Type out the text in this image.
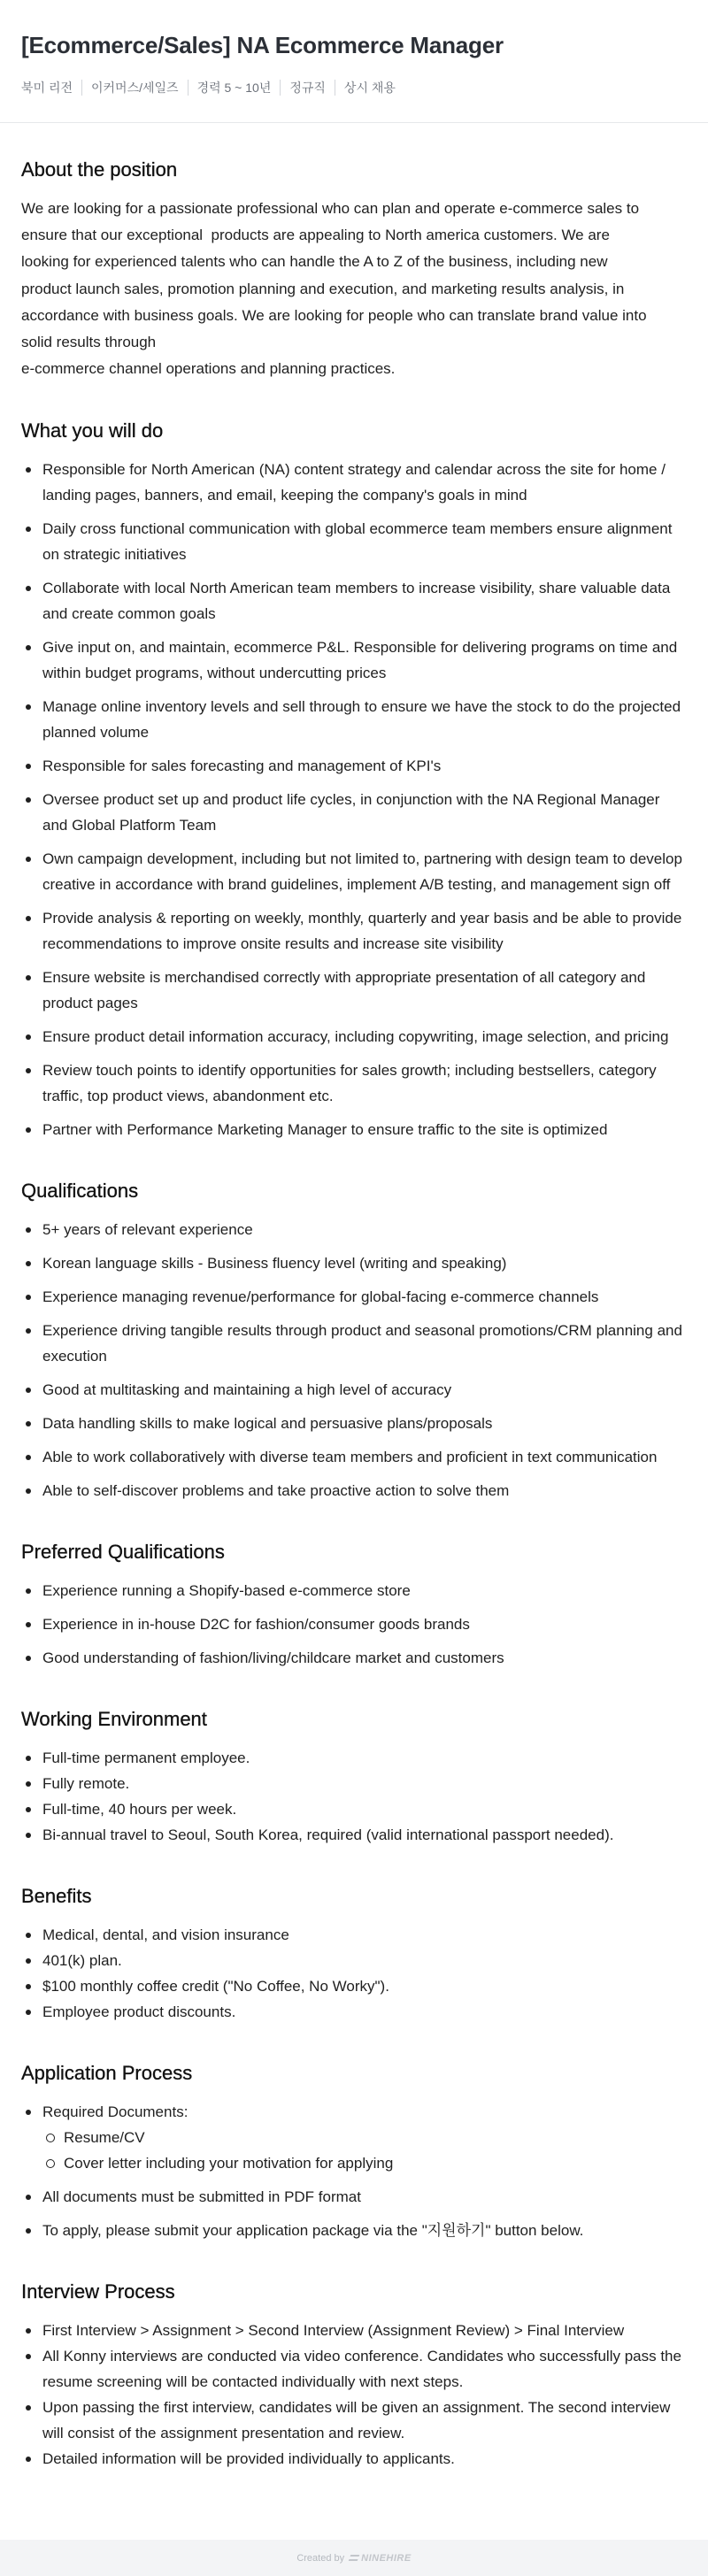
[Ecommerce/Sales] NA Ecommerce Manager
북미 리전	이커머스/세일즈	경력 5 ~ 10년	정규직	상시 채용
About the position
We are looking for a passionate professional who can plan and operate e-commerce sales to
ensure that our exceptional  products are appealing to North america customers. We are
looking for experienced talents who can handle the A to Z of the business, including new
product launch sales, promotion planning and execution, and marketing results analysis, in
accordance with business goals. We are looking for people who can translate brand value into
solid results through
e-commerce channel operations and planning practices.
What you will do
Responsible for North American (NA) content strategy and calendar across the site for home / landing pages, banners, and email, keeping the company's goals in mind
Daily cross functional communication with global ecommerce team members ensure alignment on strategic initiatives
Collaborate with local North American team members to increase visibility, share valuable data and create common goals
Give input on, and maintain, ecommerce P&L. Responsible for delivering programs on time and within budget programs, without undercutting prices
Manage online inventory levels and sell through to ensure we have the stock to do the projected planned volume
Responsible for sales forecasting and management of KPI's
Oversee product set up and product life cycles, in conjunction with the NA Regional Manager and Global Platform Team
Own campaign development, including but not limited to, partnering with design team to develop creative in accordance with brand guidelines, implement A/B testing, and management sign off
Provide analysis & reporting on weekly, monthly, quarterly and year basis and be able to provide recommendations to improve onsite results and increase site visibility
Ensure website is merchandised correctly with appropriate presentation of all category and product pages
Ensure product detail information accuracy, including copywriting, image selection, and pricing
Review touch points to identify opportunities for sales growth; including bestsellers, category traffic, top product views, abandonment etc.
Partner with Performance Marketing Manager to ensure traffic to the site is optimized
Qualifications
5+ years of relevant experience
Korean language skills - Business fluency level (writing and speaking)
Experience managing revenue/performance for global-facing e-commerce channels
Experience driving tangible results through product and seasonal promotions/CRM planning and execution
Good at multitasking and maintaining a high level of accuracy
Data handling skills to make logical and persuasive plans/proposals
Able to work collaboratively with diverse team members and proficient in text communication
Able to self-discover problems and take proactive action to solve them
Preferred Qualifications
Experience running a Shopify-based e-commerce store
Experience in in-house D2C for fashion/consumer goods brands
Good understanding of fashion/living/childcare market and customers
Working Environment
Full-time permanent employee.
Fully remote.
Full-time, 40 hours per week.
Bi-annual travel to Seoul, South Korea, required (valid international passport needed).
Benefits
Medical, dental, and vision insurance
401(k) plan.
$100 monthly coffee credit ("No Coffee, No Worky").
Employee product discounts.
Application Process
Required Documents:
Resume/CV
Cover letter including your motivation for applying
All documents must be submitted in PDF format
To apply, please submit your application package via the "지원하기" button below.
Interview Process
First Interview > Assignment > Second Interview (Assignment Review) > Final Interview
All Konny interviews are conducted via video conference. Candidates who successfully pass the resume screening will be contacted individually with next steps.
Upon passing the first interview, candidates will be given an assignment. The second interview will consist of the assignment presentation and review.
Detailed information will be provided individually to applicants.
Created by	NINEHIRE
